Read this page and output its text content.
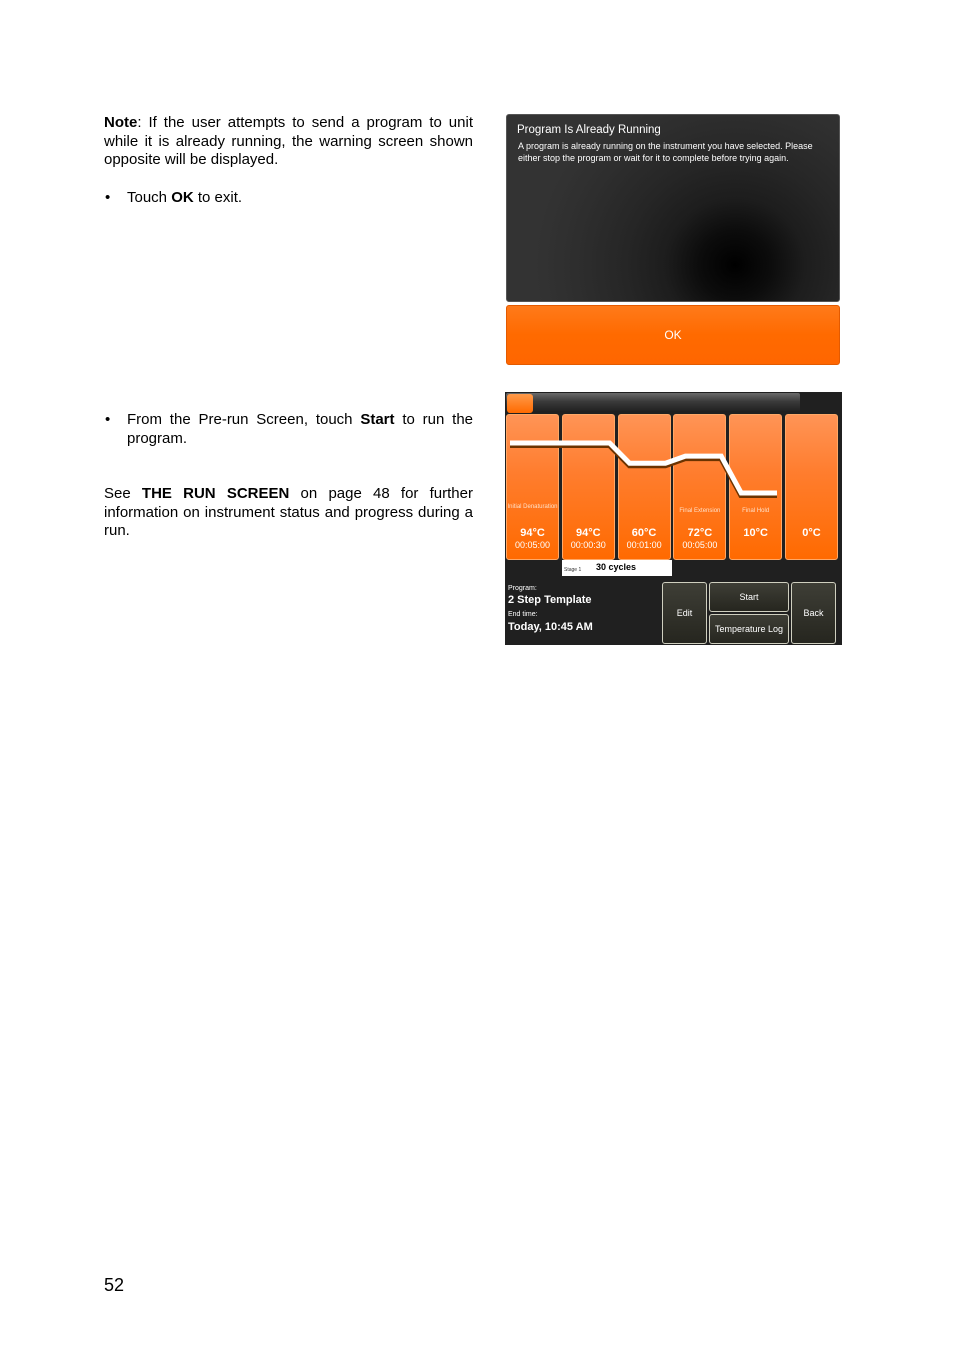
Note: If the user attempts to send a program to unit while it is already running, the warning screen shown opposite will be displayed.
• Touch OK to exit.
• From the Pre-run Screen, touch Start to run the program.
See THE RUN SCREEN on page 48 for further information on instrument status and progress during a run.
52
Program Is Already Running
A program is already running on the instrument you have selected. Please either stop the program or wait for it to complete before trying again.
OK
Initial Denaturation
94°C
00:05:00
94°C
00:00:30
60°C
00:01:00
Final Extension
72°C
00:05:00
Final Hold
10°C	0°C
Stage 1 30 cycles
Program:
2 Step Template
End time:
Today, 10:45 AM
Edit
Start
Temperature Log
Back
